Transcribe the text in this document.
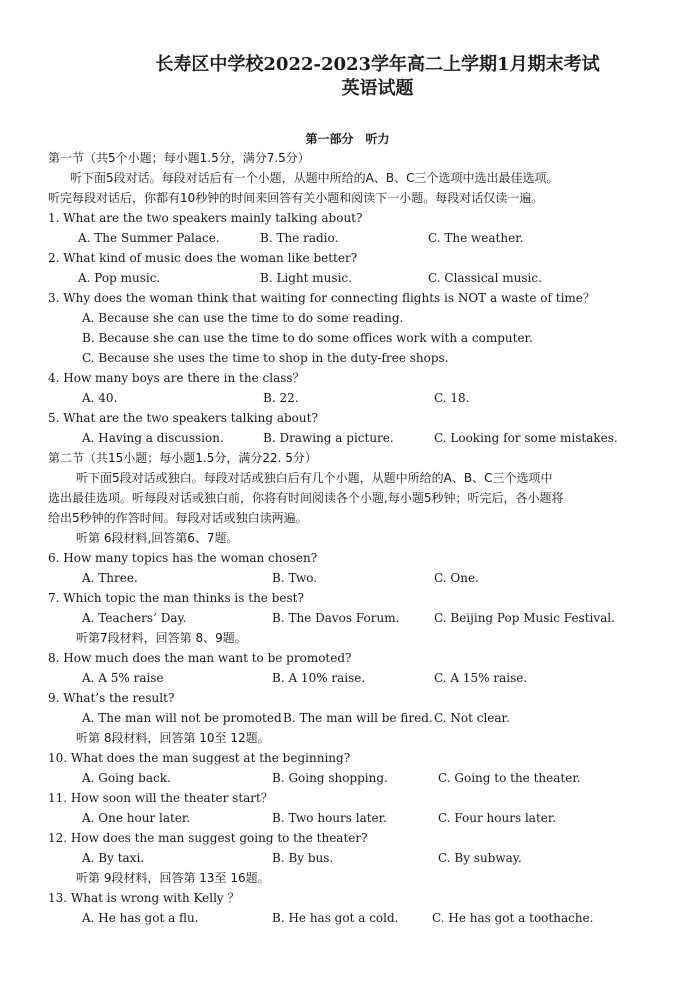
长寿区中学校2022-2023学年高二上学期1月期末考试
英语试题
第一部分　听力
第一节（共5个小题；每小题1.5分，满分7.5分）
听下面5段对话。每段对话后有一个小题，从题中所给的A、B、C三个选项中选出最佳选项。
听完每段对话后，你都有10秒钟的时间来回答有关小题和阅读下一小题。每段对话仅读一遍。
1. What are the two speakers mainly talking about?
A. The Summer Palace.	B. The radio.	C. The weather.
2. What kind of music does the woman like better?
A. Pop music.	B. Light music.	C. Classical music.
3. Why does the woman think that waiting for connecting flights is NOT a waste of time？
A. Because she can use the time to do some reading.
B. Because she can use the time to do some offices work with a computer.
C. Because she uses the time to shop in the duty-free shops.
4. How many boys are there in the class？
A. 40.	B. 22.	C. 18.
5. What are the two speakers talking about?
A. Having a discussion.	B. Drawing a picture.	C. Looking for some mistakes.
第二节（共15小题；每小题1.5分，满分22. 5分）
听下面5段对话或独白。每段对话或独白后有几个小题，从题中所给的A、B、C三个选项中
选出最佳选项。听每段对话或独白前，你将有时间阅读各个小题,每小题5秒钟；听完后，各小题将
给出5秒钟的作答时间。每段对话或独白读两遍。
听第 6段材料,回答第6、7题。
6. How many topics has the woman chosen?
A. Three.	B. Two.	C. One.
7. Which topic the man thinks is the best?
A. Teachers’ Day.	B. The Davos Forum.	C. Beijing Pop Music Festival.
听第7段材料，回答第 8、9题。
8. How much does the man want to be promoted?
A. A 5% raise	B. A 10% raise.	C. A 15% raise.
9. What’s the result?
A. The man will not be promoted B. The man will be fired. C. Not clear.
听第 8段材料，回答第 10至 12题。
10. What does the man suggest at the beginning?
A. Going back.	B. Going shopping.	C. Going to the theater.
11. How soon will the theater start？
A. One hour later.	B. Two hours later.	C. Four hours later.
12. How does the man suggest going to the theater?
A. By taxi.	B. By bus.	C. By subway.
听第 9段材料，回答第 13至 16题。
13. What is wrong with Kelly ？
A. He has got a flu.	B. He has got a cold.	C. He has got a toothache.
